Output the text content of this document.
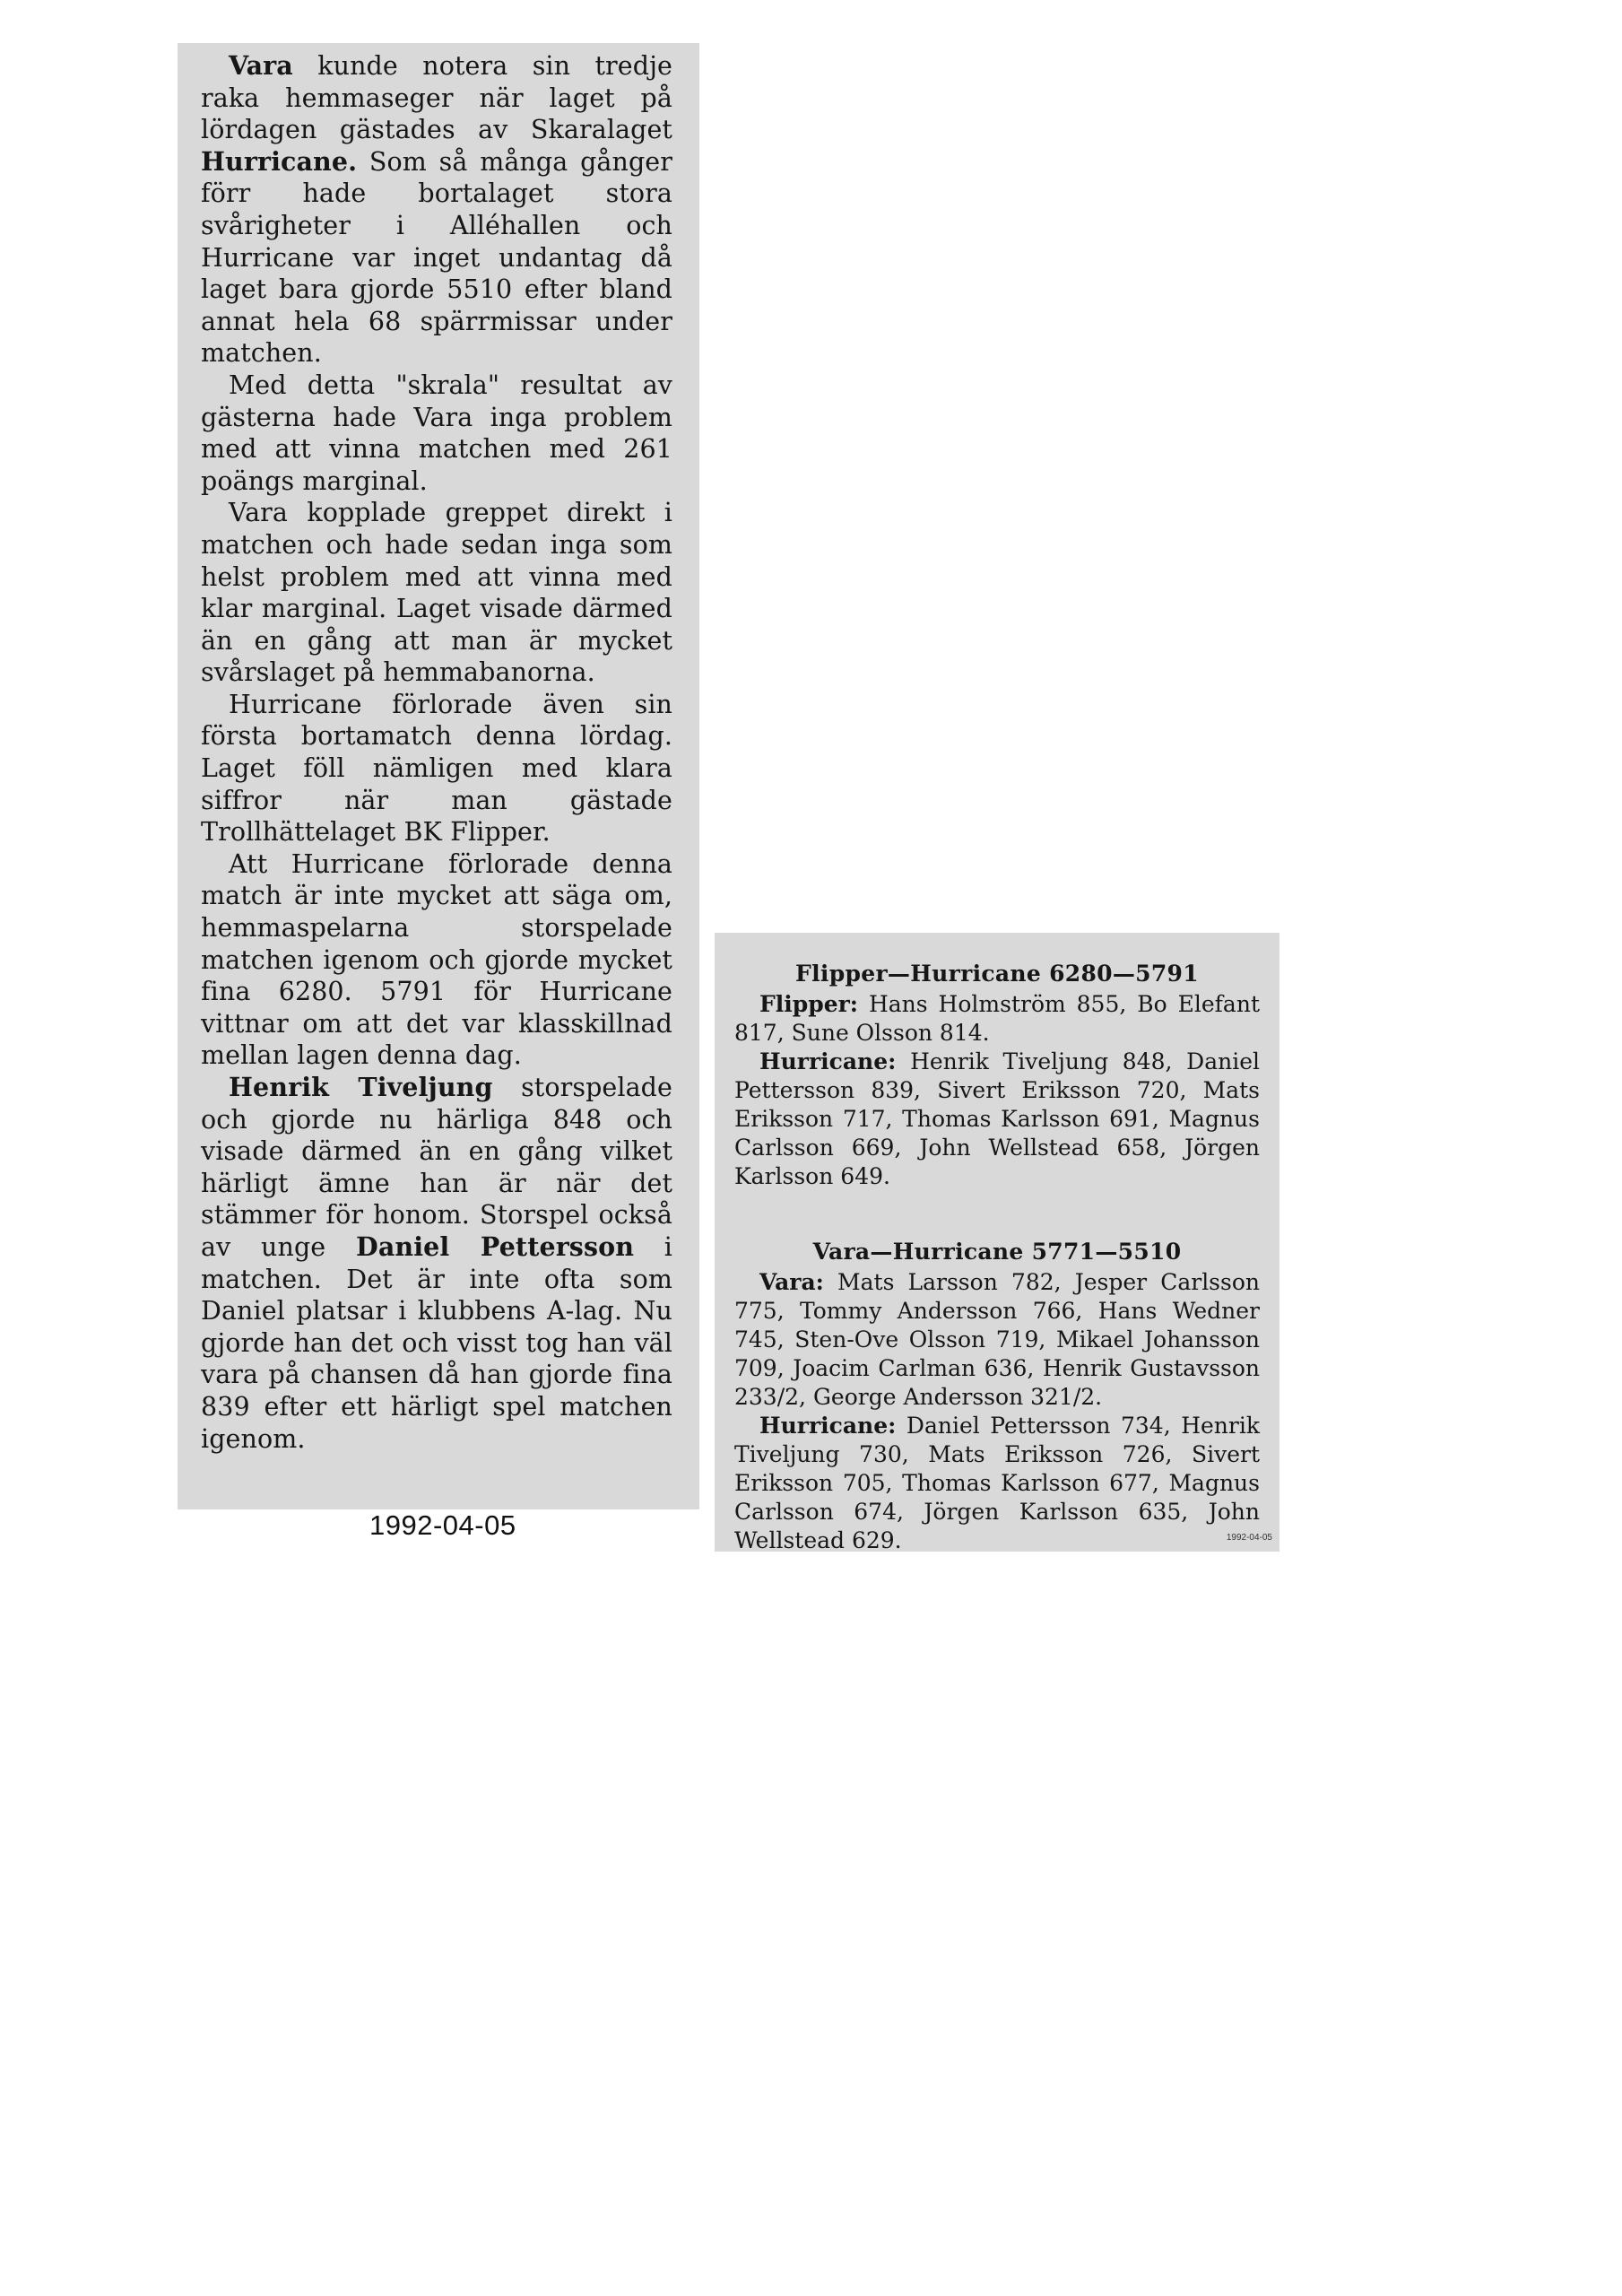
Vara kunde notera sin tredje raka hemmaseger när laget på lördagen gästades av Skaralaget Hurricane. Som så många gånger förr hade bortalaget stora svårigheter i Alléhallen och Hurricane var inget undantag då laget bara gjorde 5510 efter bland annat hela 68 spärrmissar under matchen.

Med detta "skrala" resultat av gästerna hade Vara inga problem med att vinna matchen med 261 poängs marginal.

Vara kopplade greppet direkt i matchen och hade sedan inga som helst problem med att vinna med klar marginal. Laget visade därmed än en gång att man är mycket svårslaget på hemmabanorna.

Hurricane förlorade även sin första bortamatch denna lördag. Laget föll nämligen med klara siffror när man gästade Trollhättelaget BK Flipper.

Att Hurricane förlorade denna match är inte mycket att säga om, hemmaspelarna storspelade matchen igenom och gjorde mycket fina 6280. 5791 för Hurricane vittnar om att det var klasskillnad mellan lagen denna dag.

Henrik Tiveljung storspelade och gjorde nu härliga 848 och visade därmed än en gång vilket härligt ämne han är när det stämmer för honom. Storspel också av unge Daniel Pettersson i matchen. Det är inte ofta som Daniel platsar i klubbens A-lag. Nu gjorde han det och visst tog han väl vara på chansen då han gjorde fina 839 efter ett härligt spel matchen igenom.

1992-04-05

Flipper—Hurricane 6280—5791

Flipper: Hans Holmström 855, Bo Elefant 817, Sune Olsson 814.

Hurricane: Henrik Tiveljung 848, Daniel Pettersson 839, Sivert Eriksson 720, Mats Eriksson 717, Thomas Karlsson 691, Magnus Carlsson 669, John Wellstead 658, Jörgen Karlsson 649.

Vara—Hurricane 5771—5510

Vara: Mats Larsson 782, Jesper Carlsson 775, Tommy Andersson 766, Hans Wedner 745, Sten-Ove Olsson 719, Mikael Johansson 709, Joacim Carlman 636, Henrik Gustavsson 233/2, George Andersson 321/2.

Hurricane: Daniel Pettersson 734, Henrik Tiveljung 730, Mats Eriksson 726, Sivert Eriksson 705, Thomas Karlsson 677, Magnus Carlsson 674, Jörgen Karlsson 635, John Wellstead 629.	1992-04-05
